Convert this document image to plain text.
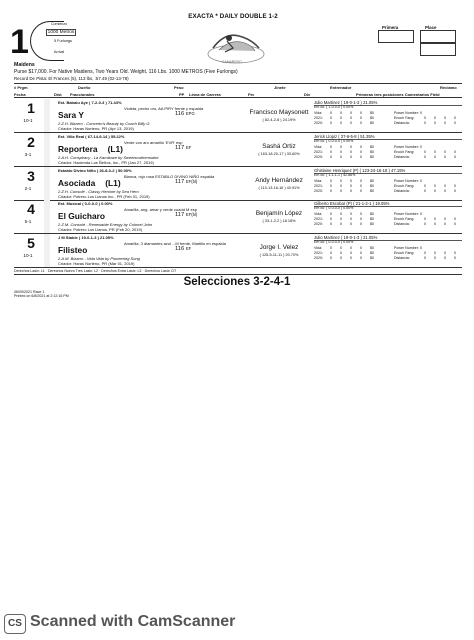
EXACTA * DAILY DOUBLE 1-2
1	Comienzo
1000 Metros
5 Furlongs
Arrival
CAMARERO
Primera	Place
Maidens
Purse $17,000. For Native Maidens, Two Years Old. Weight, 116 Lbs. 1000 METROS (Five Furlongs)
Record De Pista: El Frances (5), 113 lbs, :57.49 (02-13-78)
# Prgm	Dueño	Peso	Jinete	Entrenador	Reclamo
Fecha	Dist Fraccionales	PP Línea de Carrera	Fin	Div	Primeras tres posiciones Comentarios Field
1
10-1
Est. Babalu Aye ( 7-2-0-3 ) 71.43%
Violeta, pecho oro, AA PIRY frente y espalda
Sara Y	116 EPG
2.Z.H. Bizarro - Concerto's Beauty by Coach Billy G.
Criador: Haras Norteno, PR (Apr 13, 2019)
Francisco Maysonett
( 82-4-2-8 ) 24.19%
Julio Martinez ( 19-0-1-3 ) 21.05%
Em cú: ( 1-0-0-0 ) 0.00%
Vida: 0 0 0 0 $0	Power Number: 0
2021: 0 0 0 0 $0	Enoch Fang:	0 0 0 0
2020: 0 0 0 0 $0	Distancia:	0 0 0 0
2
3-1
Est. Villa Real ( 67-14-9-14 ) 55.22%
Verde con aro amarillo 'EVR' esp
Reportera (L1)	117 EF
2.A.H. Conspiracy - La Kamikaze by Sweetsouthernsaint
Criador: Hacienda Los Ñeños, Inc., PR (Jan 27, 2019)
Sashá Ortiz
( 163-18-20-17 ) 33.60%
Jerick Llopiz ( 37-6-5-8 ) 51.35%
Em cú: ( 0-0-0-0 ) 0.00%
Vida: 0 0 0 0 $0	Power Number: 0
2021: 0 0 0 0 $0	Enoch Fang:	0 0 0 0
2020: 0 0 0 0 $0	Distancia:	0 0 0 0
3
2-1
Establo Divino Niño ( 26-8-0-2 ) 50.00%
Blanca, rojo rosa ESTABLO DIVINO NIÑO espalda
Asociada (L1)	117 EF(bl)
2.Z.H. Consolé - Classy Heroine by Sea Hero
Criador: Potrero Los Llanos Inc., PR (Feb 01, 2019)
Andy Hernández
( 110-13-16-16 ) 40.91%
Ghislaine Henriquez (P) ( 123-24-16-18 ) 47.15%
Em cú: ( 1-1-1-1 ) 42.86%
Vida: 0 0 0 0 $0	Power Number: 0
2021: 0 0 0 0 $0	Enoch Fang:	0 0 0 0
2020: 0 0 0 0 $0	Distancia:	0 0 0 0
4
5-1
Est. Musical ( 0-0-0-0 ) 0.00%
Amarilla, ang. amar y verde cuadd M esp
El Guicharo	117 EF(bl)
2.Z.M. Consolé - Renewable Energy by Colonel John
Criador: Potrero Los Llanos, PR (Feb 20, 2019)
Benjamín López
( 33-1-2-2 ) 18.18%
Gilberto Escobar (P) ( 21-1-2-1 ) 19.05%
Em cú: ( 0-0-0-0 ) 0.00%
Vida: 0 0 0 0 $0	Power Number: 0
2021: 0 0 0 0 $0	Enoch Fang:	0 0 0 0
2020: 0 0 0 0 $0	Distancia:	0 0 0 0
5
10-1
J M Stable ( 19-0-1-3 ) 21.05%
Amarilla, 3 diamantes azul ...M frente, Martillo en espalda
Filisteo	116 EF
2.A.M. Bizarro - Vida Vida by Pioneering Song
Criador: Haras Norteno, PR (Mar 01, 2019)
Jorge I. Velez
( 125-5-11-11 ) 20.70%
Julio Martinez ( 19-0-1-3 ) 21.05%
Em cú: ( 0-0-0-0 ) 0.00%
Vida: 0 0 0 0 $0	Power Number: 0
2021: 0 0 0 0 $0	Enoch Fang:	0 0 0 0
2020: 0 0 0 0 $0	Distancia:	0 0 0 0
Derechos Lasix: L1 · Derechos Nuevo Tres Lasix: L2 · Derechos Extra Lasix: L3 · Derechos Lasix: DT
Selecciones 3-2-4-1
06/09/2021 Race 1
Printed on 6/8/2021 at 2:12:16 PM
CS Scanned with CamScanner
